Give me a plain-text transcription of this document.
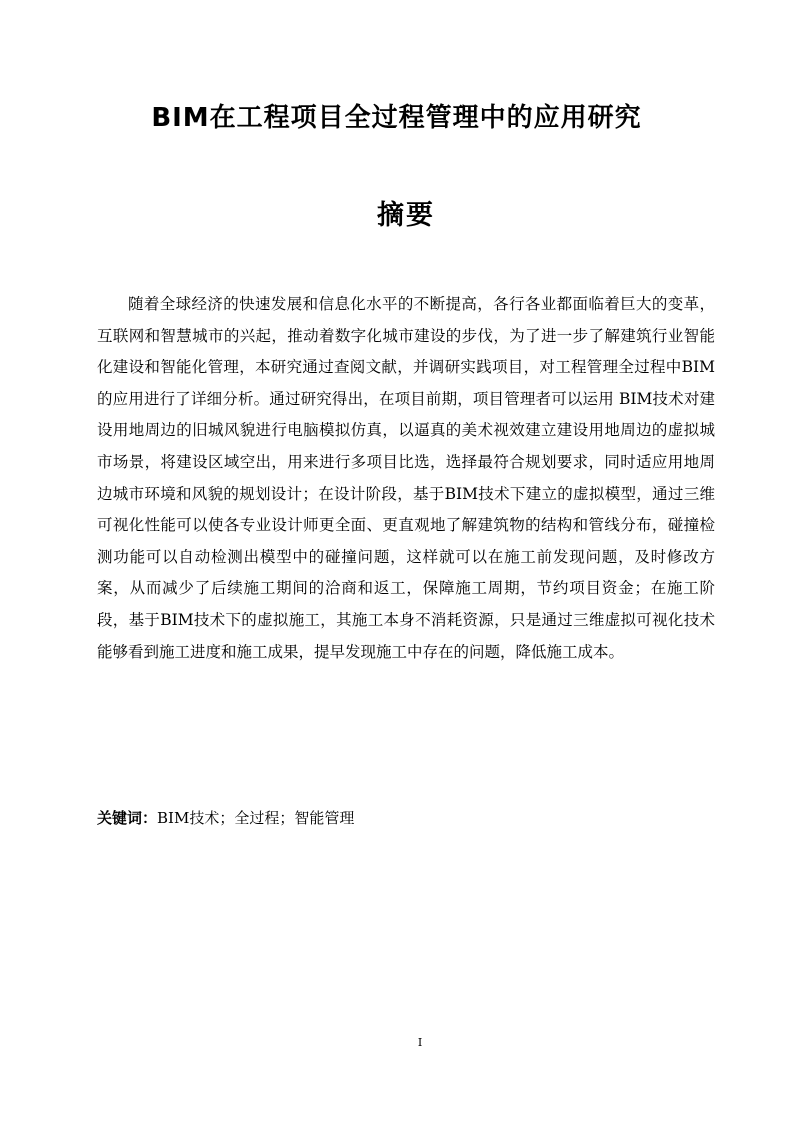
BIM在工程项目全过程管理中的应用研究
摘要

随着全球经济的快速发展和信息化水平的不断提高，各行各业都面临着巨大的变革，互联网和智慧城市的兴起，推动着数字化城市建设的步伐，为了进一步了解建筑行业智能化建设和智能化管理，本研究通过查阅文献，并调研实践项目，对工程管理全过程中BIM的应用进行了详细分析。通过研究得出，在项目前期，项目管理者可以运用 BIM技术对建设用地周边的旧城风貌进行电脑模拟仿真，以逼真的美术视效建立建设用地周边的虚拟城市场景，将建设区域空出，用来进行多项目比选，选择最符合规划要求，同时适应用地周边城市环境和风貌的规划设计；在设计阶段，基于BIM技术下建立的虚拟模型，通过三维可视化性能可以使各专业设计师更全面、更直观地了解建筑物的结构和管线分布，碰撞检测功能可以自动检测出模型中的碰撞问题，这样就可以在施工前发现问题，及时修改方案，从而减少了后续施工期间的洽商和返工，保障施工周期，节约项目资金；在施工阶段，基于BIM技术下的虚拟施工，其施工本身不消耗资源，只是通过三维虚拟可视化技术能够看到施工进度和施工成果，提早发现施工中存在的问题，降低施工成本。

关键词：BIM技术；全过程；智能管理

I
